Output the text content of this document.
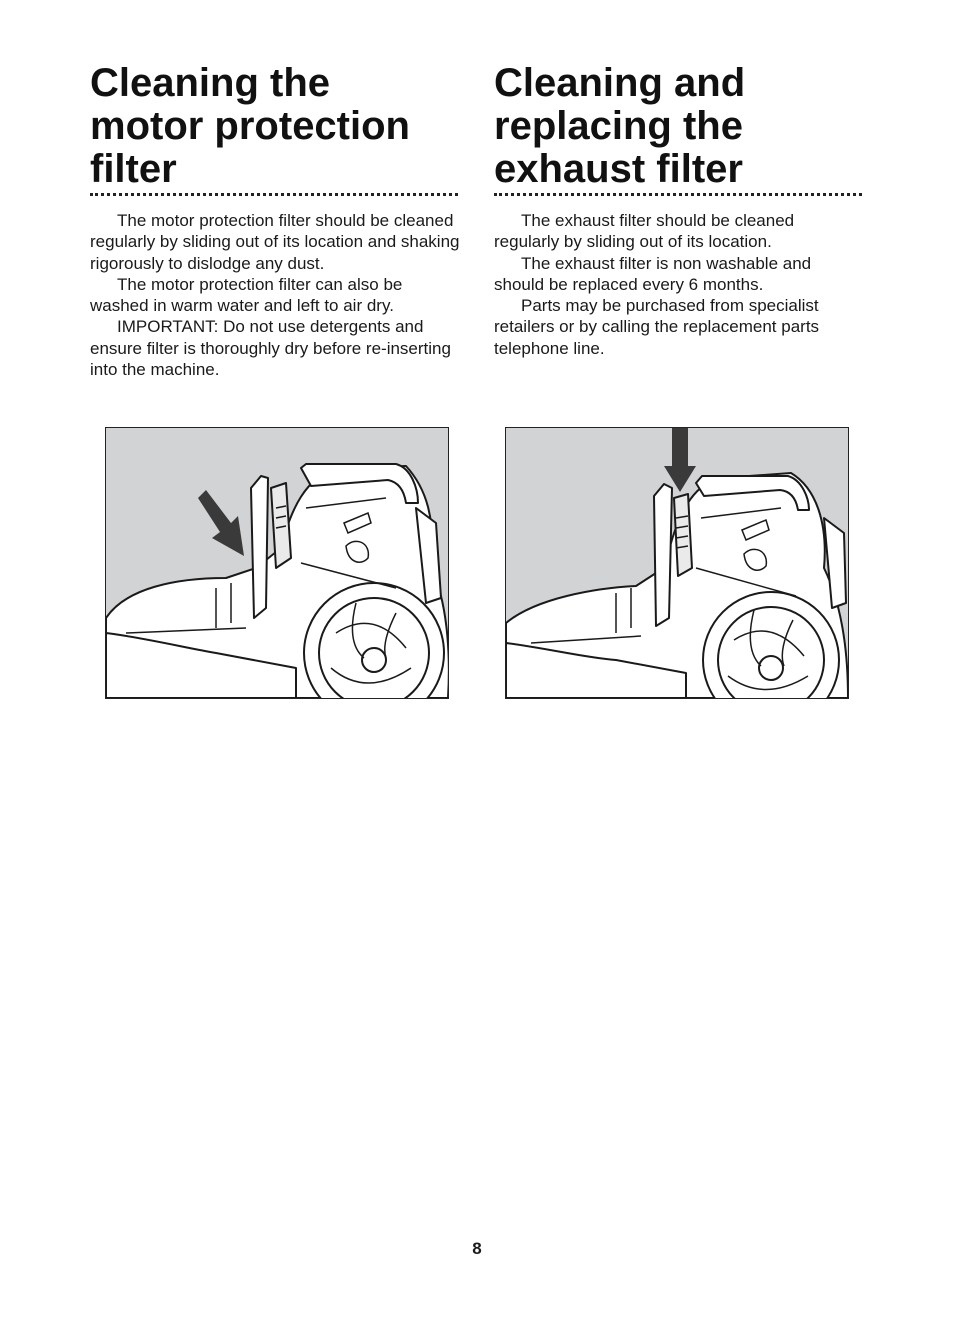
Cleaning the
motor protection
filter

The motor protection filter should be cleaned regularly by sliding out of its location and shaking rigorously to dislodge any dust.

The motor protection filter can also be washed in warm water and left to air dry.

IMPORTANT: Do not use detergents and ensure filter is thoroughly dry before re-inserting into the machine.

Cleaning and
replacing the
exhaust filter

The exhaust filter should be cleaned regularly by sliding out of its location.

The exhaust filter is non washable and should be replaced every 6 months.

Parts may be purchased from specialist retailers or by calling the replacement parts telephone line.

8
